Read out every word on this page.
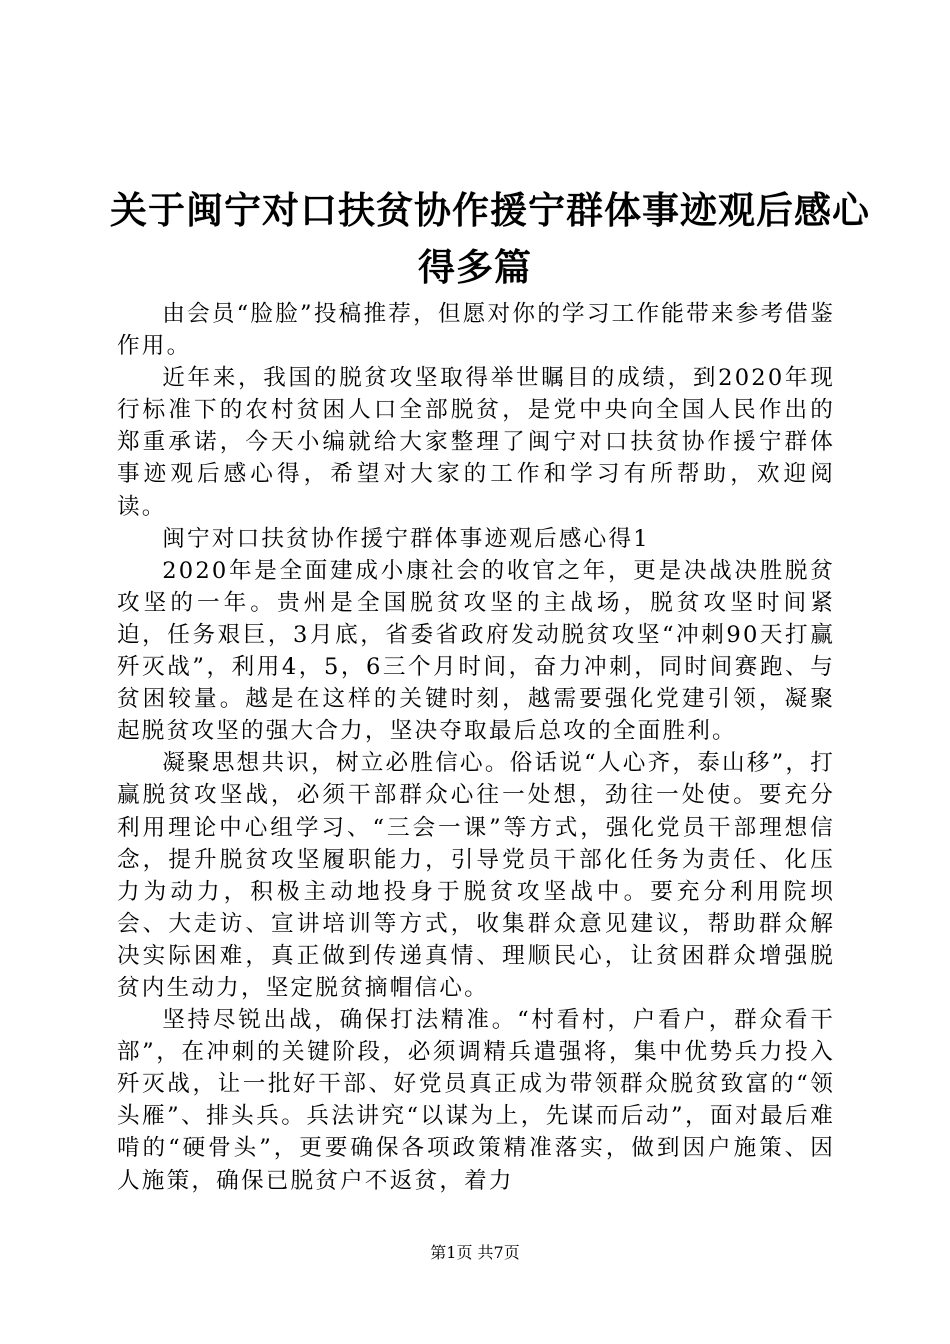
关于闽宁对口扶贫协作援宁群体事迹观后感心
得多篇

由会员“脸脸”投稿推荐，但愿对你的学习工作能带来参考借鉴作用。

近年来，我国的脱贫攻坚取得举世瞩目的成绩，到2020年现行标准下的农村贫困人口全部脱贫，是党中央向全国人民作出的郑重承诺，今天小编就给大家整理了闽宁对口扶贫协作援宁群体事迹观后感心得，希望对大家的工作和学习有所帮助，欢迎阅读。

闽宁对口扶贫协作援宁群体事迹观后感心得1

2020年是全面建成小康社会的收官之年，更是决战决胜脱贫攻坚的一年。贵州是全国脱贫攻坚的主战场，脱贫攻坚时间紧迫，任务艰巨，3月底，省委省政府发动脱贫攻坚“冲刺90天打赢歼灭战”，利用4，5，6三个月时间，奋力冲刺，同时间赛跑、与贫困较量。越是在这样的关键时刻，越需要强化党建引领，凝聚起脱贫攻坚的强大合力，坚决夺取最后总攻的全面胜利。

凝聚思想共识，树立必胜信心。俗话说“人心齐，泰山移”，打赢脱贫攻坚战，必须干部群众心往一处想，劲往一处使。要充分利用理论中心组学习、“三会一课”等方式，强化党员干部理想信念，提升脱贫攻坚履职能力，引导党员干部化任务为责任、化压力为动力，积极主动地投身于脱贫攻坚战中。要充分利用院坝会、大走访、宣讲培训等方式，收集群众意见建议，帮助群众解决实际困难，真正做到传递真情、理顺民心，让贫困群众增强脱贫内生动力，坚定脱贫摘帽信心。

坚持尽锐出战，确保打法精准。“村看村，户看户，群众看干部”，在冲刺的关键阶段，必须调精兵遣强将，集中优势兵力投入歼灭战，让一批好干部、好党员真正成为带领群众脱贫致富的“领头雁”、排头兵。兵法讲究“以谋为上，先谋而后动”，面对最后难啃的“硬骨头”，更要确保各项政策精准落实，做到因户施策、因人施策，确保已脱贫户不返贫，着力

第1页 共7页
